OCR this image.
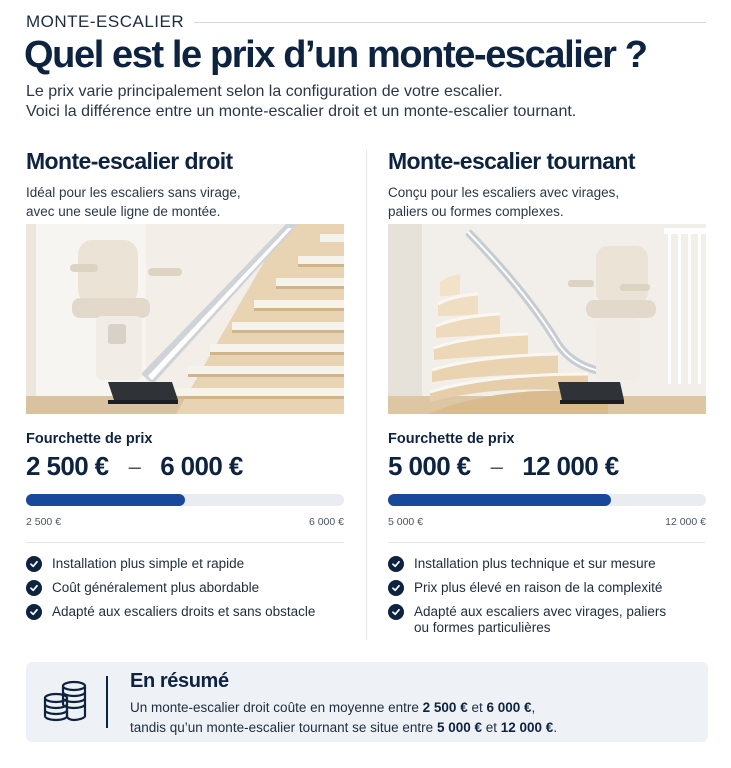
MONTE-ESCALIER
Quel est le prix d’un monte-escalier ?
Le prix varie principalement selon la configuration de votre escalier.
Voici la différence entre un monte-escalier droit et un monte-escalier tournant.
Monte-escalier droit
Idéal pour les escaliers sans virage,
avec une seule ligne de montée.
Fourchette de prix
2 500 € – 6 000 €
2 500 €	6 000 €
Installation plus simple et rapide
Coût généralement plus abordable
Adapté aux escaliers droits et sans obstacle
Monte-escalier tournant
Conçu pour les escaliers avec virages,
paliers ou formes complexes.
Fourchette de prix
5 000 € – 12 000 €
5 000 €	12 000 €
Installation plus technique et sur mesure
Prix plus élevé en raison de la complexité
Adapté aux escaliers avec virages, paliers
ou formes particulières
En résumé
Un monte-escalier droit coûte en moyenne entre 2 500 € et 6 000 €,
tandis qu’un monte-escalier tournant se situe entre 5 000 € et 12 000 €.
